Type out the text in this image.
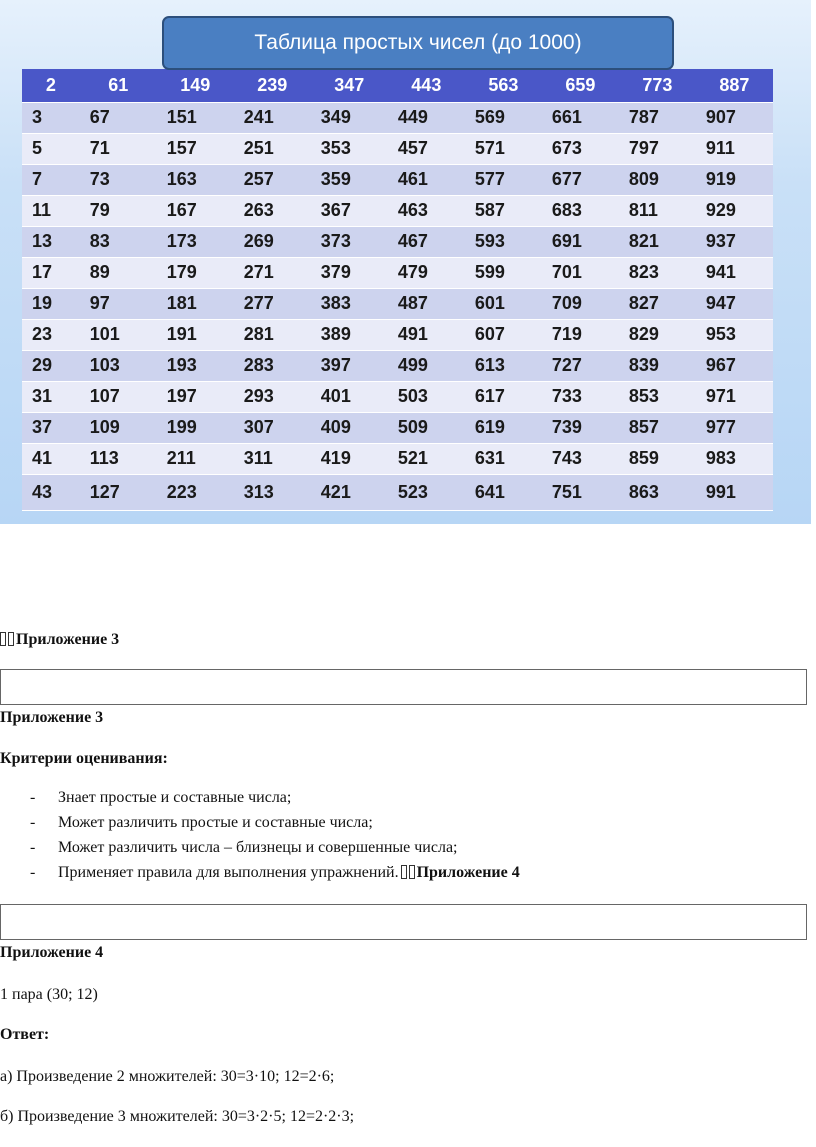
Таблица простых чисел (до 1000)
2	61	149	239	347	443	563	659	773	887
3	67	151	241	349	449	569	661	787	907
5	71	157	251	353	457	571	673	797	911
7	73	163	257	359	461	577	677	809	919
11	79	167	263	367	463	587	683	811	929
13	83	173	269	373	467	593	691	821	937
17	89	179	271	379	479	599	701	823	941
19	97	181	277	383	487	601	709	827	947
23	101	191	281	389	491	607	719	829	953
29	103	193	283	397	499	613	727	839	967
31	107	197	293	401	503	617	733	853	971
37	109	199	307	409	509	619	739	857	977
41	113	211	311	419	521	631	743	859	983
43	127	223	313	421	523	641	751	863	991
Приложение 3
Приложение 3
Критерии оценивания:
- Знает простые и составные числа;
- Может различить простые и составные числа;
- Может различить числа – близнецы и совершенные числа;
- Применяет правила для выполнения упражнений. Приложение 4
Приложение 4
1 пара (30; 12)
Ответ:
а) Произведение 2 множителей: 30=3·10; 12=2·6;
б) Произведение 3 множителей: 30=3·2·5; 12=2·2·3;
